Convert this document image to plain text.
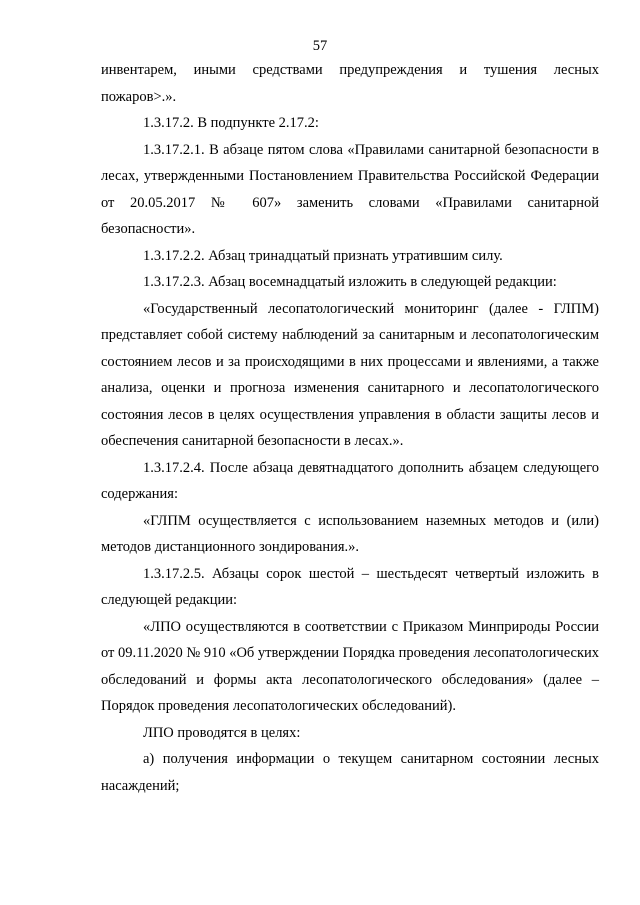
57

инвентарем, иными средствами предупреждения и тушения лесных пожаров>.».

1.3.17.2. В подпункте 2.17.2:

1.3.17.2.1. В абзаце пятом слова «Правилами санитарной безопасности в лесах, утвержденными Постановлением Правительства Российской Федерации от 20.05.2017 № 607» заменить словами «Правилами санитарной безопасности».

1.3.17.2.2. Абзац тринадцатый признать утратившим силу.

1.3.17.2.3. Абзац восемнадцатый изложить в следующей редакции:

«Государственный лесопатологический мониторинг (далее - ГЛПМ) представляет собой систему наблюдений за санитарным и лесопатологическим состоянием лесов и за происходящими в них процессами и явлениями, а также анализа, оценки и прогноза изменения санитарного и лесопатологического состояния лесов в целях осуществления управления в области защиты лесов и обеспечения санитарной безопасности в лесах.».

1.3.17.2.4. После абзаца девятнадцатого дополнить абзацем следующего содержания:

«ГЛПМ осуществляется с использованием наземных методов и (или) методов дистанционного зондирования.».

1.3.17.2.5. Абзацы сорок шестой – шестьдесят четвертый изложить в следующей редакции:

«ЛПО осуществляются в соответствии с Приказом Минприроды России от 09.11.2020 № 910 «Об утверждении Порядка проведения лесопатологических обследований и формы акта лесопатологического обследования» (далее – Порядок проведения лесопатологических обследований).

ЛПО проводятся в целях:

а) получения информации о текущем санитарном состоянии лесных насаждений;
